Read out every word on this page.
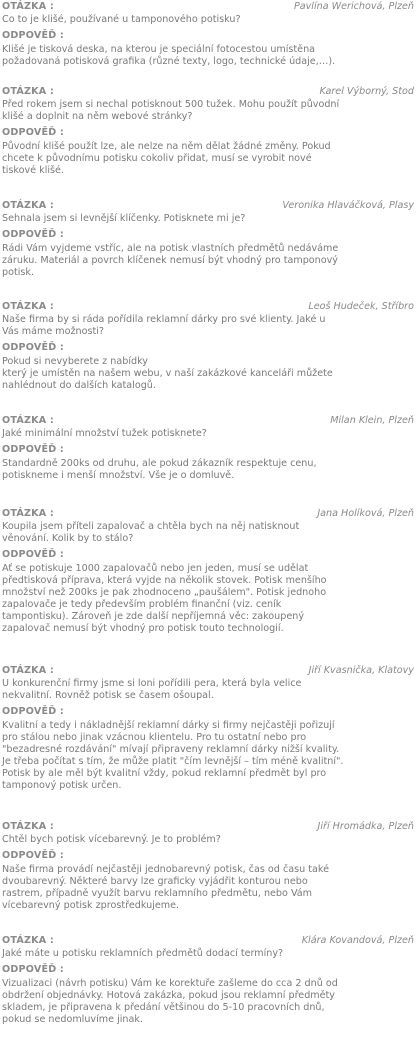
OTÁZKA :	Pavlína Werichová, Plzeň
Co to je klišé, používané u tamponového potisku?
ODPOVĚĎ :
Klišé je tisková deska, na kterou je speciální fotocestou umístěna
požadovaná potisková grafika (různé texty, logo, technické údaje,…).
OTÁZKA :	Karel Výborný, Stod
Před rokem jsem si nechal potisknout 500 tužek. Mohu použít původní
klišé a doplnit na něm webové stránky?
ODPOVĚĎ :
Původní klišé použít lze, ale nelze na něm dělat žádné změny. Pokud
chcete k původnímu potisku cokoliv přidat, musí se vyrobit nové
tiskové klišé.
OTÁZKA :	Veronika Hlaváčková, Plasy
Sehnala jsem si levnější klíčenky. Potisknete mi je?
ODPOVĚĎ :
Rádi Vám vyjdeme vstříc, ale na potisk vlastních předmětů nedáváme
záruku. Materiál a povrch klíčenek nemusí být vhodný pro tamponový
potisk.
OTÁZKA :	Leoš Hudeček, Stříbro
Naše firma by si ráda pořídila reklamní dárky pro své klienty. Jaké u
Vás máme možnosti?
ODPOVĚĎ :
Pokud si nevyberete z nabídky
který je umístěn na našem webu, v naší zakázkové kanceláři můžete
nahlédnout do dalších katalogů.
OTÁZKA :	Milan Klein, Plzeň
Jaké minimální množství tužek potisknete?
ODPOVĚĎ :
Standardně 200ks od druhu, ale pokud zákazník respektuje cenu,
potiskneme i menší množství. Vše je o domluvě.
OTÁZKA :	Jana Holíková, Plzeň
Koupila jsem příteli zapalovač a chtěla bych na něj natisknout
věnování. Kolik by to stálo?
ODPOVĚĎ :
Ať se potiskuje 1000 zapalovačů nebo jen jeden, musí se udělat
předtisková příprava, která vyjde na několik stovek. Potisk menšího
množství než 200ks je pak zhodnoceno „paušálem". Potisk jednoho
zapalovače je tedy především problém finanční (viz. ceník
tampontisku). Zároveň je zde další nepříjemná věc: zakoupený
zapalovač nemusí být vhodný pro potisk touto technologií.
OTÁZKA :	Jiří Kvasnička, Klatovy
U konkurenční firmy jsme si loni pořídili pera, která byla velice
nekvalitní. Rovněž potisk se časem ošoupal.
ODPOVĚĎ :
Kvalitní a tedy i nákladnější reklamní dárky si firmy nejčastěji pořizují
pro stálou nebo jinak vzácnou klientelu. Pro tu ostatní nebo pro
"bezadresné rozdávání" mívají připraveny reklamní dárky nižší kvality.
Je třeba počítat s tím, že může platit "čím levnější – tím méně kvalitní".
Potisk by ale měl být kvalitní vždy, pokud reklamní předmět byl pro
tamponový potisk určen.
OTÁZKA :	Jiří Hromádka, Plzeň
Chtěl bych potisk vícebarevný. Je to problém?
ODPOVĚĎ :
Naše firma provádí nejčastěji jednobarevný potisk, čas od času také
dvoubarevný. Některé barvy lze graficky vyjádřit konturou nebo
rastrem, případně využít barvu reklamního předmětu, nebo Vám
vícebarevný potisk zprostředkujeme.
OTÁZKA :	Klára Kovandová, Plzeň
Jaké máte u potisku reklamních předmětů dodací termíny?
ODPOVĚĎ :
Vizualizaci (návrh potisku) Vám ke korektuře zašleme do cca 2 dnů od
obdržení objednávky. Hotová zakázka, pokud jsou reklamní předměty
skladem, je připravena k předání většinou do 5-10 pracovních dnů,
pokud se nedomluvíme jinak.
